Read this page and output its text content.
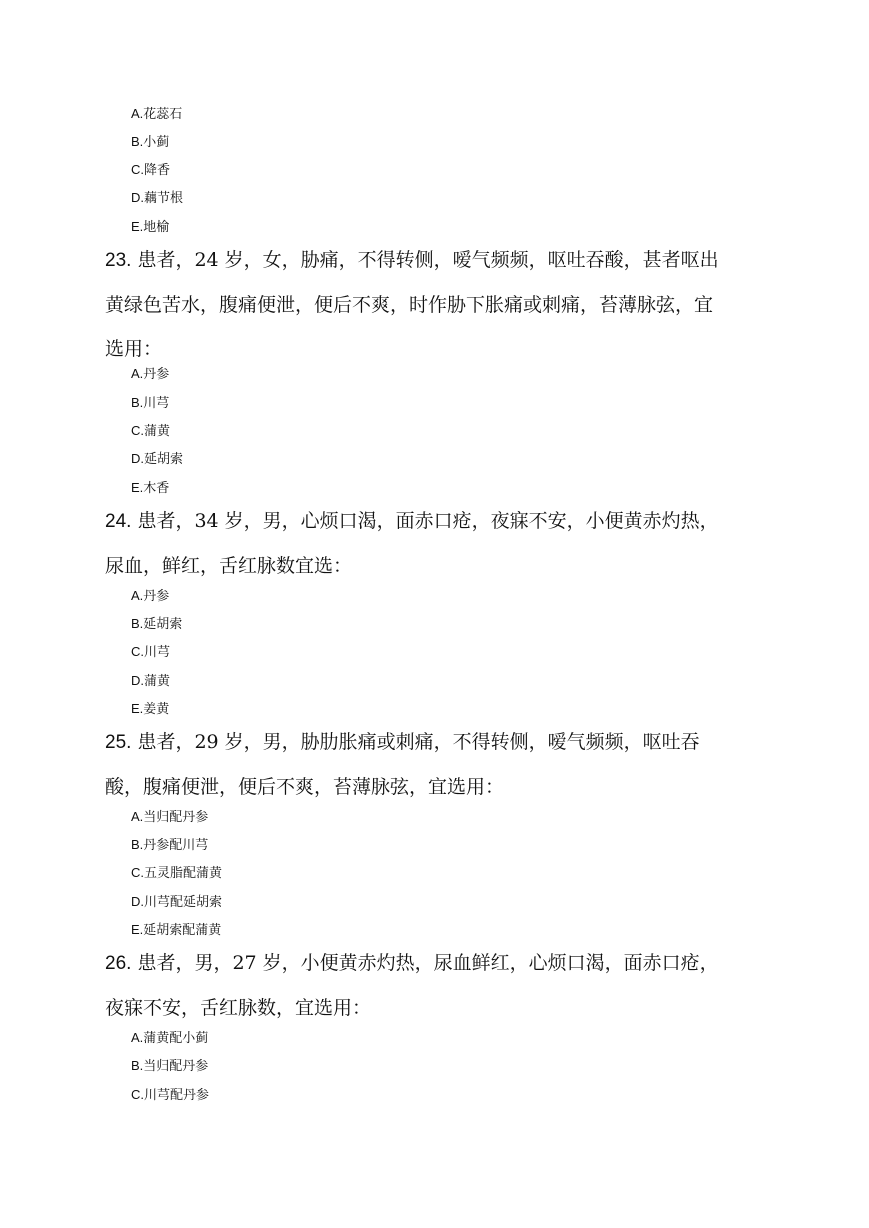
A.花蕊石
B.小蓟
C.降香
D.藕节根
E.地榆
23. 患者，24 岁，女，胁痛，不得转侧，嗳气频频，呕吐吞酸，甚者呕出
黄绿色苦水，腹痛便泄，便后不爽，时作胁下胀痛或刺痛，苔薄脉弦，宜
选用：
A.丹参
B.川芎
C.蒲黄
D.延胡索
E.木香
24. 患者，34 岁，男，心烦口渴，面赤口疮，夜寐不安，小便黄赤灼热，
尿血，鲜红，舌红脉数宜选：
A.丹参
B.延胡索
C.川芎
D.蒲黄
E.姜黄
25. 患者，29 岁，男，胁肋胀痛或刺痛，不得转侧，嗳气频频，呕吐吞
酸，腹痛便泄，便后不爽，苔薄脉弦，宜选用：
A.当归配丹参
B.丹参配川芎
C.五灵脂配蒲黄
D.川芎配延胡索
E.延胡索配蒲黄
26. 患者，男，27 岁，小便黄赤灼热，尿血鲜红，心烦口渴，面赤口疮，
夜寐不安，舌红脉数，宜选用：
A.蒲黄配小蓟
B.当归配丹参
C.川芎配丹参
